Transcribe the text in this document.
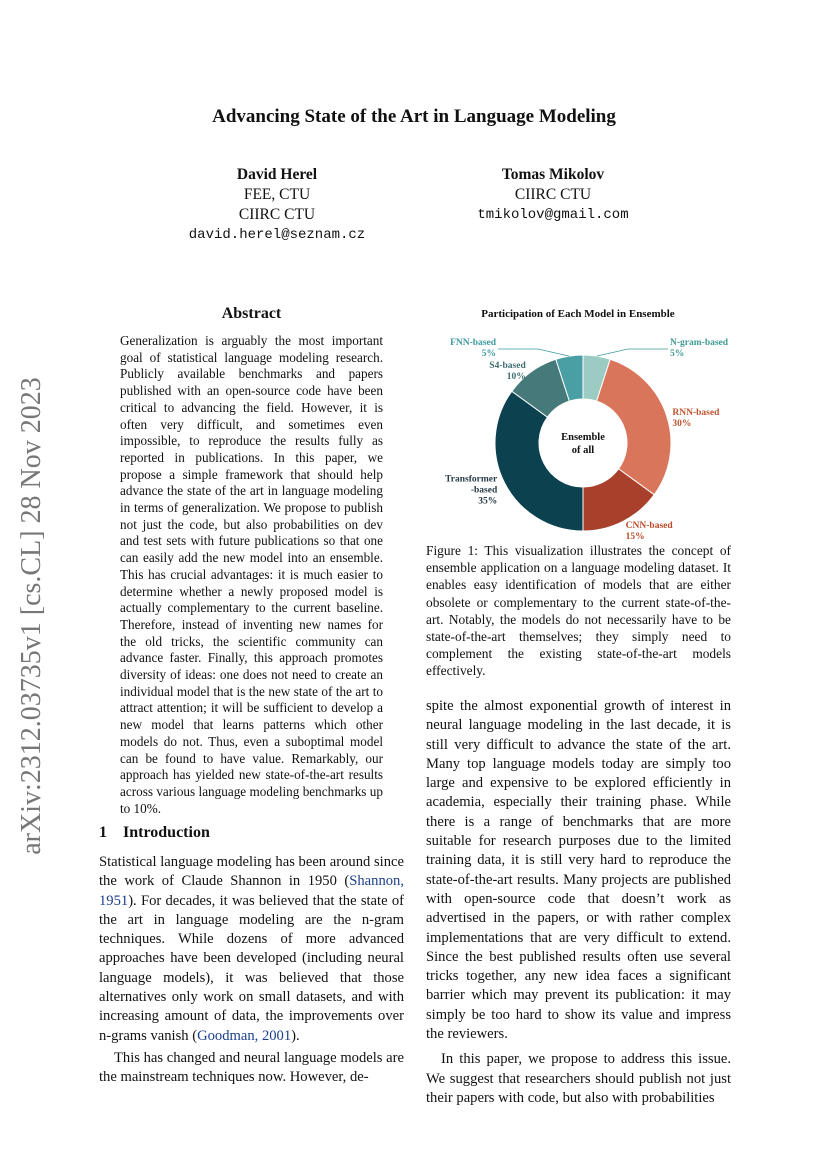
Advancing State of the Art in Language Modeling
David Herel
FEE, CTU
CIIRC CTU
david.herel@seznam.cz
Tomas Mikolov
CIIRC CTU
tmikolov@gmail.com
arXiv:2312.03735v1 [cs.CL] 28 Nov 2023
Abstract

Generalization is arguably the most important goal of statistical language modeling research. Publicly available benchmarks and papers published with an open-source code have been critical to advancing the field. However, it is often very difficult, and sometimes even impossible, to reproduce the results fully as reported in publications. In this paper, we propose a simple framework that should help advance the state of the art in language modeling in terms of generalization. We propose to publish not just the code, but also probabilities on dev and test sets with future publications so that one can easily add the new model into an ensemble. This has crucial advantages: it is much easier to determine whether a newly proposed model is actually complementary to the current baseline. Therefore, instead of inventing new names for the old tricks, the scientific community can advance faster. Finally, this approach promotes diversity of ideas: one does not need to create an individual model that is the new state of the art to attract attention; it will be sufficient to develop a new model that learns patterns which other models do not. Thus, even a suboptimal model can be found to have value. Remarkably, our approach has yielded new state-of-the-art results across various language modeling benchmarks up to 10%.

1 Introduction

Statistical language modeling has been around since the work of Claude Shannon in 1950 (Shannon, 1951). For decades, it was believed that the state of the art in language modeling are the n-gram techniques. While dozens of more advanced approaches have been developed (including neural language models), it was believed that those alternatives only work on small datasets, and with increasing amount of data, the improvements over n-grams vanish (Goodman, 2001).

This has changed and neural language models are the mainstream techniques now. However, de-

Participation of Each Model in Ensemble
N-gram-based 5%
RNN-based 30%
CNN-based 15%
Transformer -based 35%
S4-based 10%
FNN-based 5%
Ensemble of all
Figure 1: This visualization illustrates the concept of ensemble application on a language modeling dataset. It enables easy identification of models that are either obsolete or complementary to the current state-of-the-art. Notably, the models do not necessarily have to be state-of-the-art themselves; they simply need to complement the existing state-of-the-art models effectively.

spite the almost exponential growth of interest in neural language modeling in the last decade, it is still very difficult to advance the state of the art. Many top language models today are simply too large and expensive to be explored efficiently in academia, especially their training phase. While there is a range of benchmarks that are more suitable for research purposes due to the limited training data, it is still very hard to reproduce the state-of-the-art results. Many projects are published with open-source code that doesn’t work as advertised in the papers, or with rather complex implementations that are very difficult to extend. Since the best published results often use several tricks together, any new idea faces a significant barrier which may prevent its publication: it may simply be too hard to show its value and impress the reviewers.

In this paper, we propose to address this issue. We suggest that researchers should publish not just their papers with code, but also with probabilities
